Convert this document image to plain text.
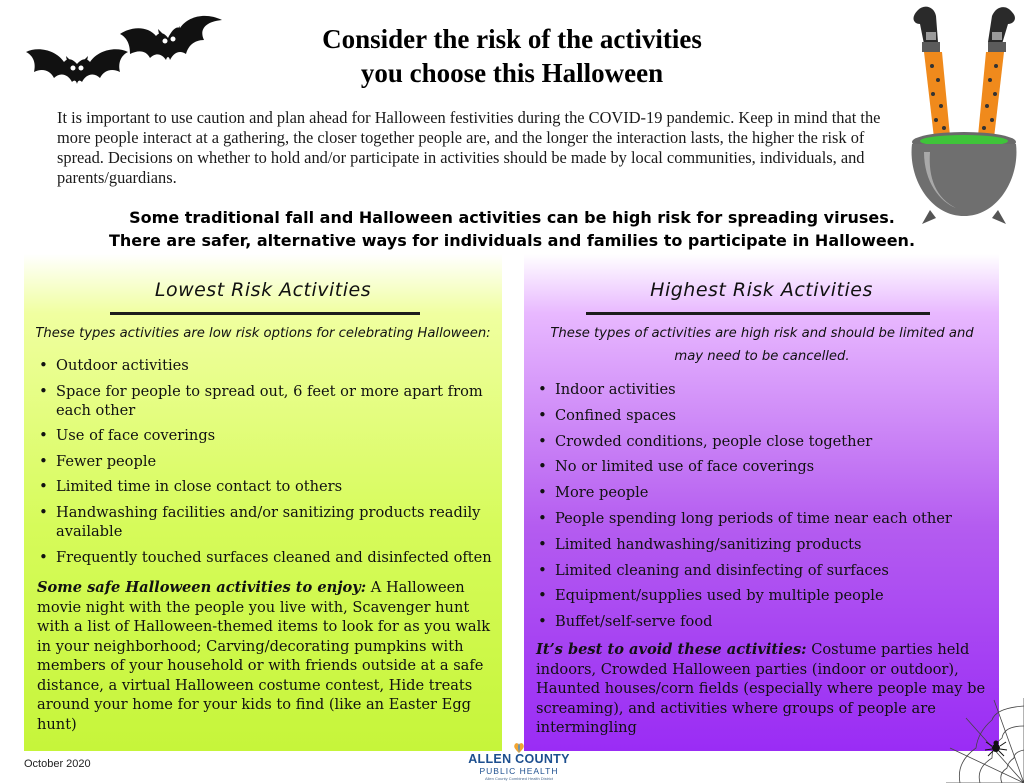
Consider the risk of the activities
you choose this Halloween
It is important to use caution and plan ahead for Halloween festivities during the COVID-19 pandemic. Keep in mind that the more people interact at a gathering, the closer together people are, and the longer the interaction lasts, the higher the risk of spread. Decisions on whether to hold and/or participate in activities should be made by local communities, individuals, and parents/guardians.
Some traditional fall and Halloween activities can be high risk for spreading viruses.
There are safer, alternative ways for individuals and families to participate in Halloween.
Lowest Risk Activities
These types activities are low risk options for celebrating Halloween:
• Outdoor activities
• Space for people to spread out, 6 feet or more apart from each other
• Use of face coverings
• Fewer people
• Limited time in close contact to others
• Handwashing facilities and/or sanitizing products readily available
• Frequently touched surfaces cleaned and disinfected often
Some safe Halloween activities to enjoy: A Halloween movie night with the people you live with, Scavenger hunt with a list of Halloween-themed items to look for as you walk in your neighborhood; Carving/decorating pumpkins with members of your household or with friends outside at a safe distance, a virtual Halloween costume contest, Hide treats around your home for your kids to find (like an Easter Egg hunt)
Highest Risk Activities
These types of activities are high risk and should be limited and may need to be cancelled.
• Indoor activities
• Confined spaces
• Crowded conditions, people close together
• No or limited use of face coverings
• More people
• People spending long periods of time near each other
• Limited handwashing/sanitizing products
• Limited cleaning and disinfecting of surfaces
• Equipment/supplies used by multiple people
• Buffet/self-serve food
It’s best to avoid these activities: Costume parties held indoors, Crowded Halloween parties (indoor or outdoor), Haunted houses/corn fields (especially where people may be screaming), and activities where groups of people are intermingling
October 2020	ALLEN COUNTY
PUBLIC HEALTH
Allen County Combined Health District
